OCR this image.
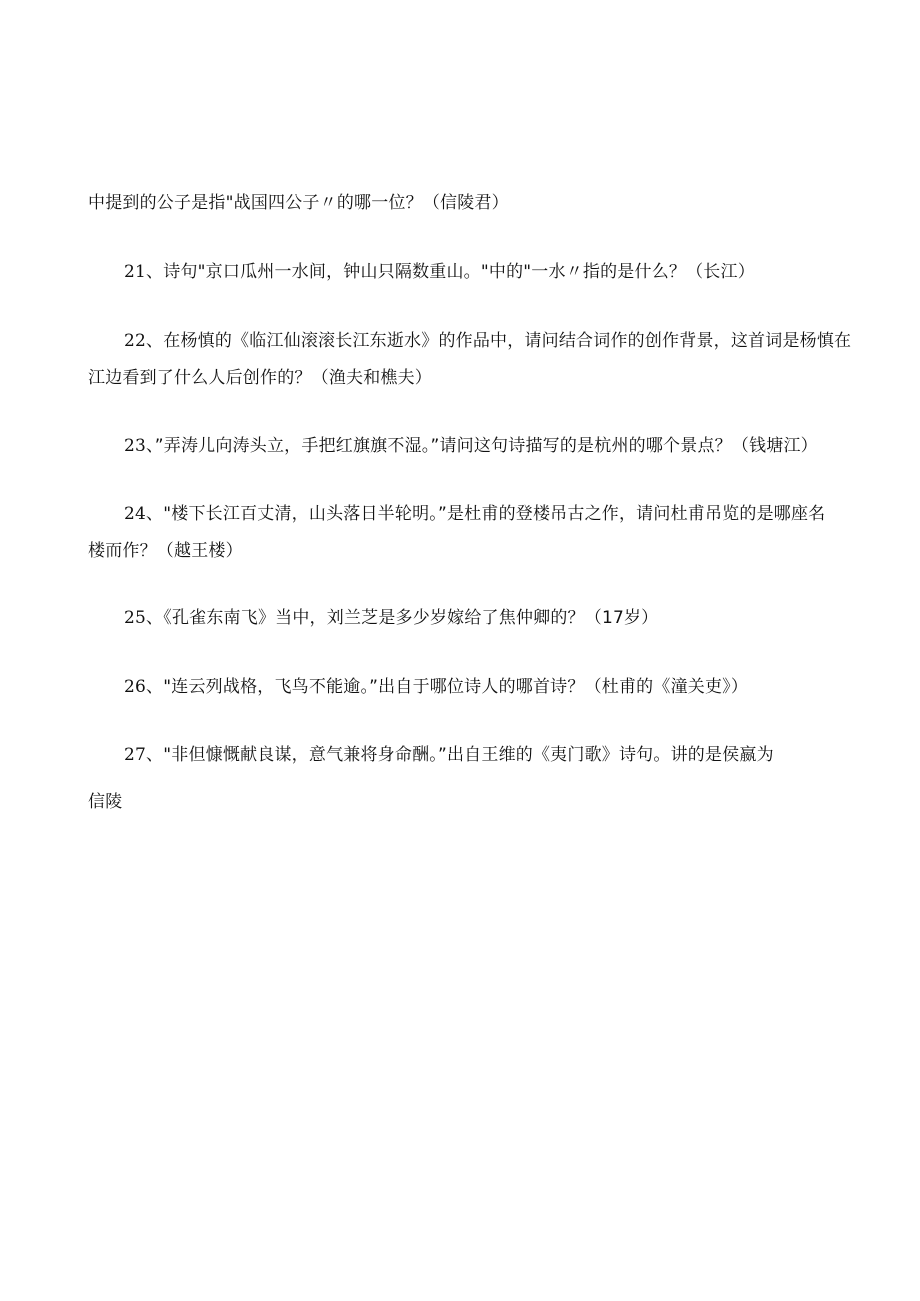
中提到的公子是指"战国四公子〃的哪一位？（信陵君）
21、诗句"京口瓜州一水间，钟山只隔数重山。"中的"一水〃指的是什么？（长江）
22、在杨慎的《临江仙滚滚长江东逝水》的作品中，请问结合词作的创作背景，这首词是杨慎在
江边看到了什么人后创作的？（渔夫和樵夫）
23、”弄涛儿向涛头立，手把红旗旗不湿。”请问这句诗描写的是杭州的哪个景点？（钱塘江）
24、"楼下长江百丈清，山头落日半轮明。”是杜甫的登楼吊古之作，请问杜甫吊览的是哪座名
楼而作？（越王楼）
25、《孔雀东南飞》当中，刘兰芝是多少岁嫁给了焦仲卿的？（17岁）
26、"连云列战格，飞鸟不能逾。”出自于哪位诗人的哪首诗？（杜甫的《潼关吏》）
27、"非但慷慨献良谋，意气兼将身命酬。”出自王维的《夷门歌》诗句。讲的是侯嬴为
信陵
